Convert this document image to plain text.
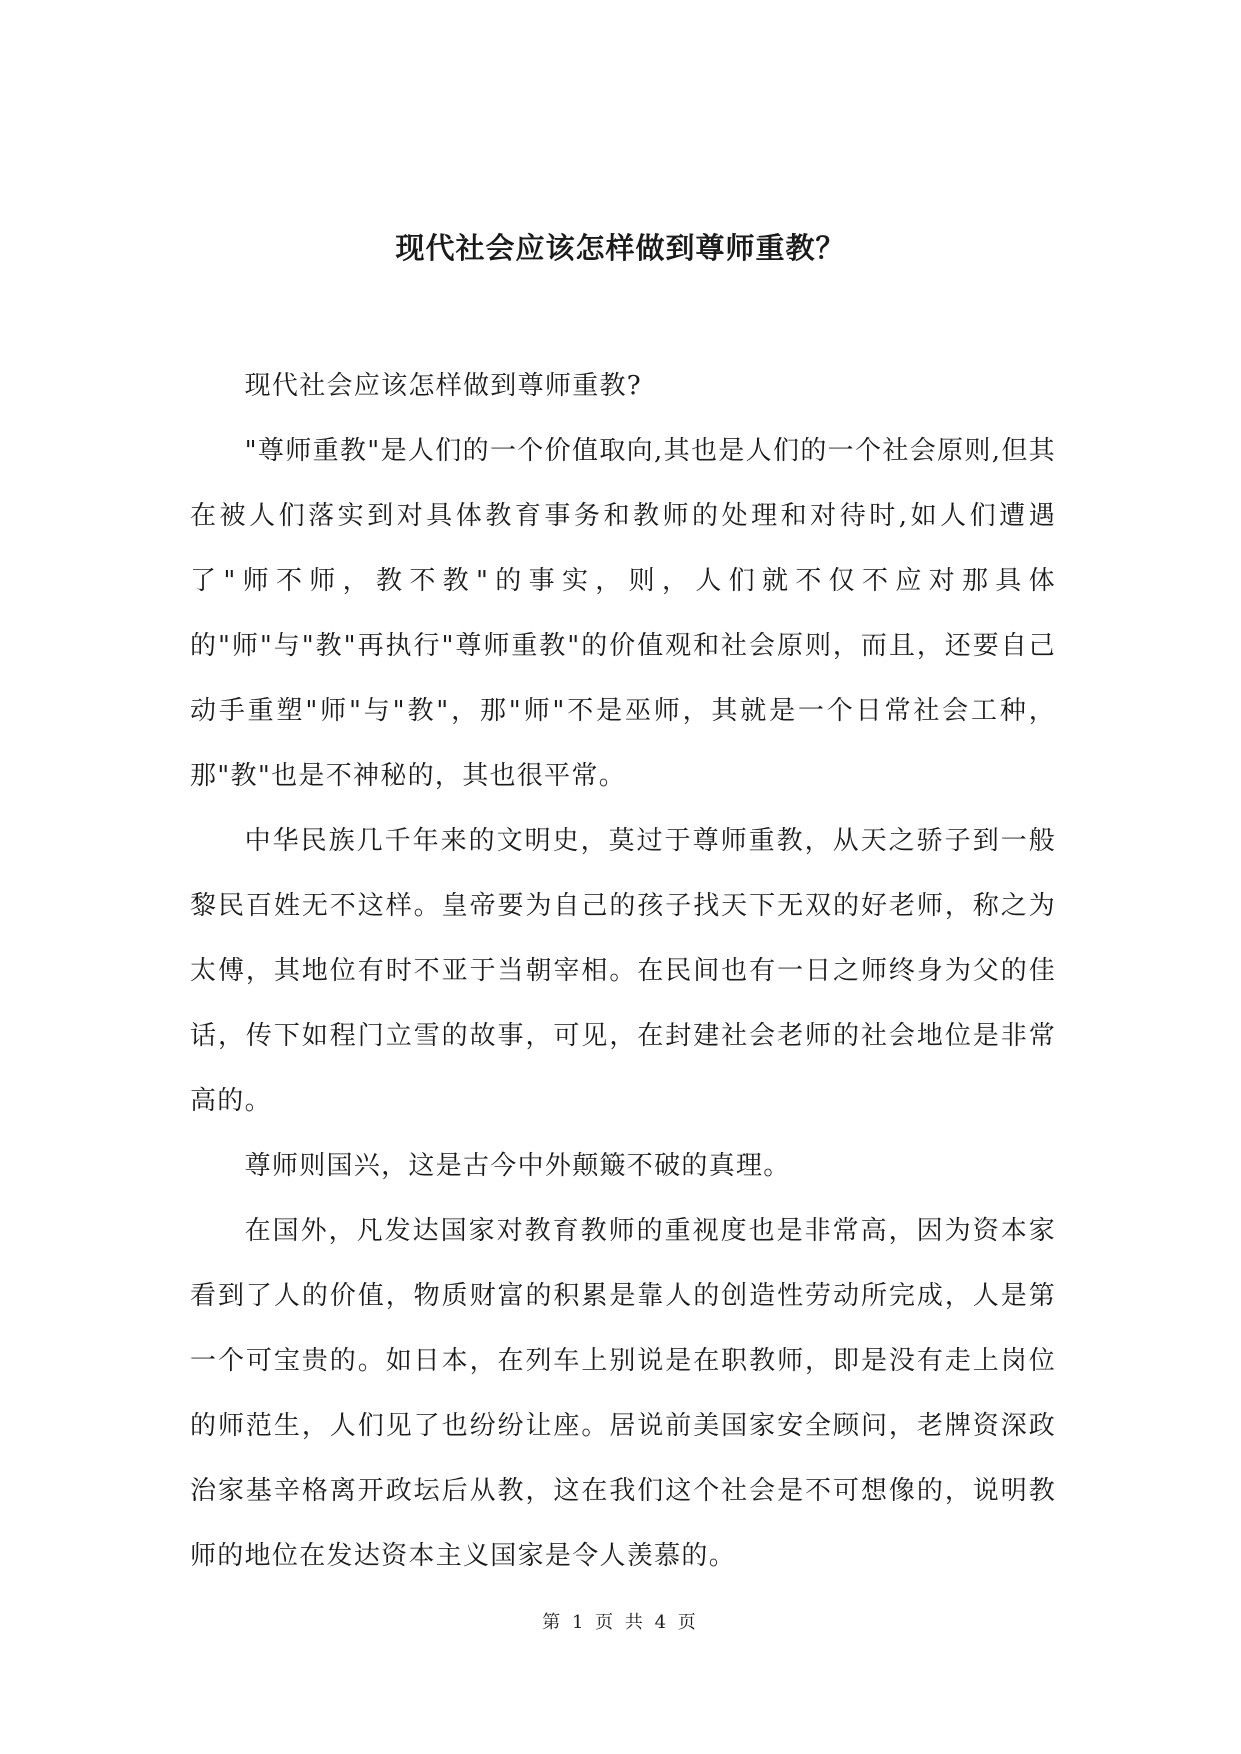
现代社会应该怎样做到尊师重教？

现代社会应该怎样做到尊师重教?

"尊师重教"是人们的一个价值取向,其也是人们的一个社会原则,但其在被人们落实到对具体教育事务和教师的处理和对待时,如人们遭遇了"师不师，教不教"的事实，则，人们就不仅不应对那具体的"师"与"教"再执行"尊师重教"的价值观和社会原则，而且，还要自己动手重塑"师"与"教"，那"师"不是巫师，其就是一个日常社会工种，那"教"也是不神秘的，其也很平常。

中华民族几千年来的文明史，莫过于尊师重教，从天之骄子到一般黎民百姓无不这样。皇帝要为自己的孩子找天下无双的好老师，称之为太傅，其地位有时不亚于当朝宰相。在民间也有一日之师终身为父的佳话，传下如程门立雪的故事，可见，在封建社会老师的社会地位是非常高的。

尊师则国兴，这是古今中外颠簸不破的真理。

在国外，凡发达国家对教育教师的重视度也是非常高，因为资本家看到了人的价值，物质财富的积累是靠人的创造性劳动所完成，人是第一个可宝贵的。如日本，在列车上别说是在职教师，即是没有走上岗位的师范生，人们见了也纷纷让座。居说前美国家安全顾问，老牌资深政治家基辛格离开政坛后从教，这在我们这个社会是不可想像的，说明教师的地位在发达资本主义国家是令人羡慕的。

第 1 页 共 4 页
